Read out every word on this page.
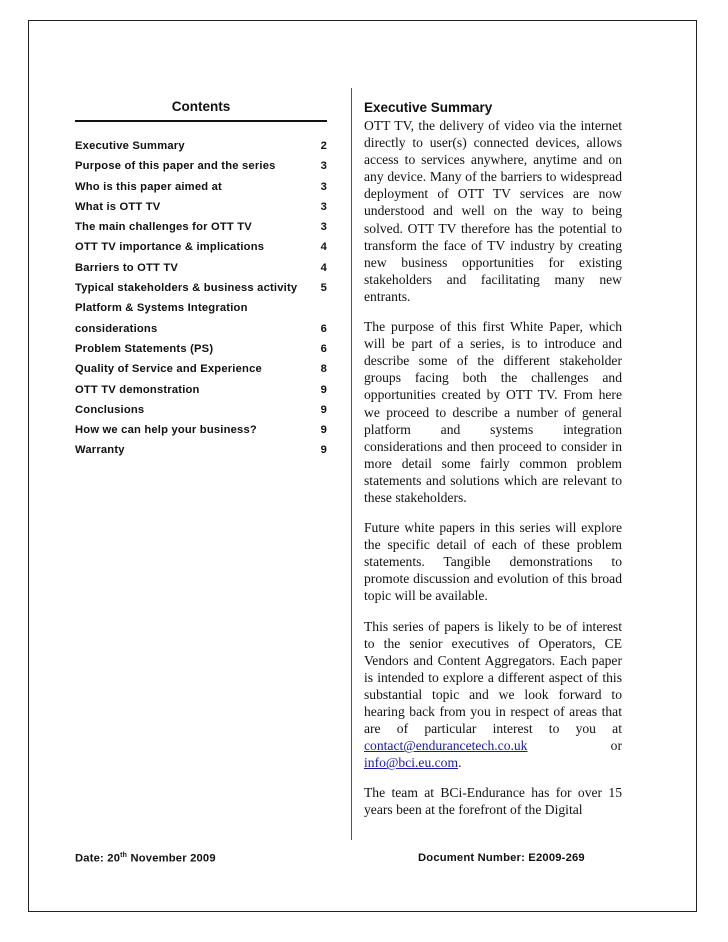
Contents
Executive Summary	2
Purpose of this paper and the series	3
Who is this paper aimed at	3
What is OTT TV	3
The main challenges for OTT TV	3
OTT TV importance & implications	4
Barriers to OTT TV	4
Typical stakeholders & business activity	5
Platform & Systems Integration
considerations	6
Problem Statements (PS)	6
Quality of Service and Experience	8
OTT TV demonstration	9
Conclusions	9
How we can help your business?	9
Warranty	9
Executive Summary

OTT TV, the delivery of video via the internet directly to user(s) connected devices, allows access to services anywhere, anytime and on any device. Many of the barriers to widespread deployment of OTT TV services are now understood and well on the way to being solved. OTT TV therefore has the potential to transform the face of TV industry by creating new business opportunities for existing stakeholders and facilitating many new entrants.

The purpose of this first White Paper, which will be part of a series, is to introduce and describe some of the different stakeholder groups facing both the challenges and opportunities created by OTT TV. From here we proceed to describe a number of general platform and systems integration considerations and then proceed to consider in more detail some fairly common problem statements and solutions which are relevant to these stakeholders.

Future white papers in this series will explore the specific detail of each of these problem statements. Tangible demonstrations to promote discussion and evolution of this broad topic will be available.

This series of papers is likely to be of interest to the senior executives of Operators, CE Vendors and Content Aggregators. Each paper is intended to explore a different aspect of this substantial topic and we look forward to hearing back from you in respect of areas that are of particular interest to you at contact@endurancetech.co.uk	or info@bci.eu.com.

The team at BCi-Endurance has for over 15 years been at the forefront of the Digital

Date: 20th November 2009	Document Number: E2009-269
